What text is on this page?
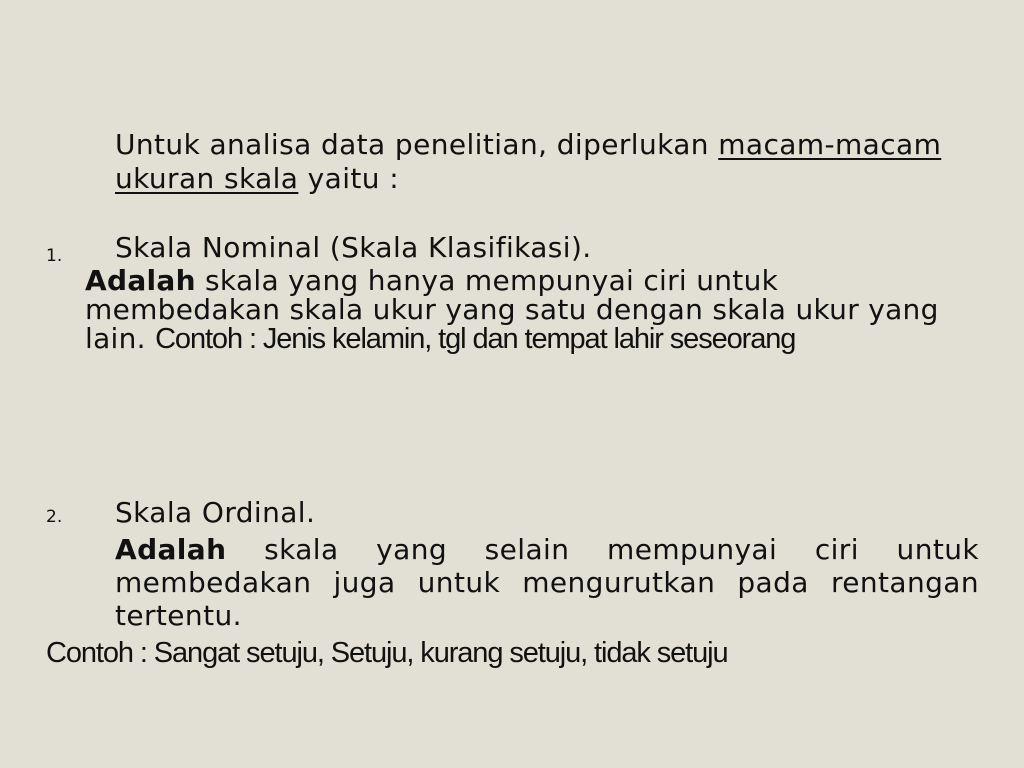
Untuk analisa data penelitian, diperlukan macam-macam ukuran skala yaitu :
1. Skala Nominal (Skala Klasifikasi).
Adalah skala yang hanya mempunyai ciri untuk membedakan skala ukur yang satu dengan skala ukur yang lain. Contoh : Jenis kelamin, tgl dan tempat lahir seseorang
2. Skala Ordinal.
Adalah skala yang selain mempunyai ciri untuk membedakan juga untuk mengurutkan pada rentangan tertentu.
Contoh : Sangat setuju, Setuju, kurang setuju, tidak setuju
